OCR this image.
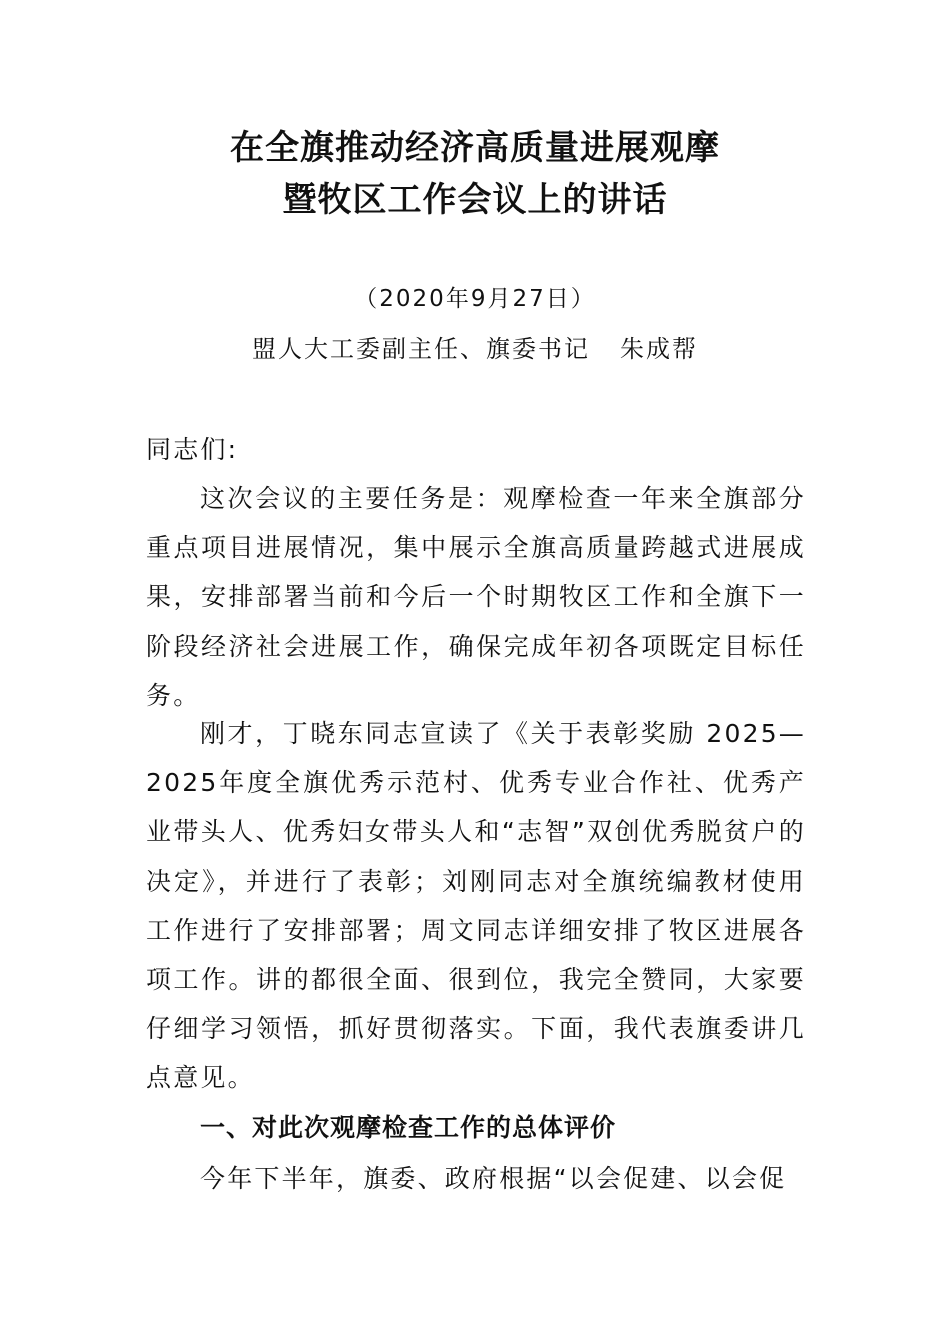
在全旗推动经济高质量进展观摩
暨牧区工作会议上的讲话
（2020年9月27日）
盟人大工委副主任、旗委书记 朱成帮
同志们:
这次会议的主要任务是：观摩检查一年来全旗部分重点项目进展情况，集中展示全旗高质量跨越式进展成果，安排部署当前和今后一个时期牧区工作和全旗下一阶段经济社会进展工作，确保完成年初各项既定目标任务。
刚才，丁晓东同志宣读了《关于表彰奖励 2025—2025年度全旗优秀示范村、优秀专业合作社、优秀产业带头人、优秀妇女带头人和“志智”双创优秀脱贫户的决定》，并进行了表彰；刘刚同志对全旗统编教材使用工作进行了安排部署；周文同志详细安排了牧区进展各项工作。讲的都很全面、很到位，我完全赞同，大家要仔细学习领悟，抓好贯彻落实。下面，我代表旗委讲几点意见。
一、对此次观摩检查工作的总体评价
今年下半年，旗委、政府根据“以会促建、以会促
